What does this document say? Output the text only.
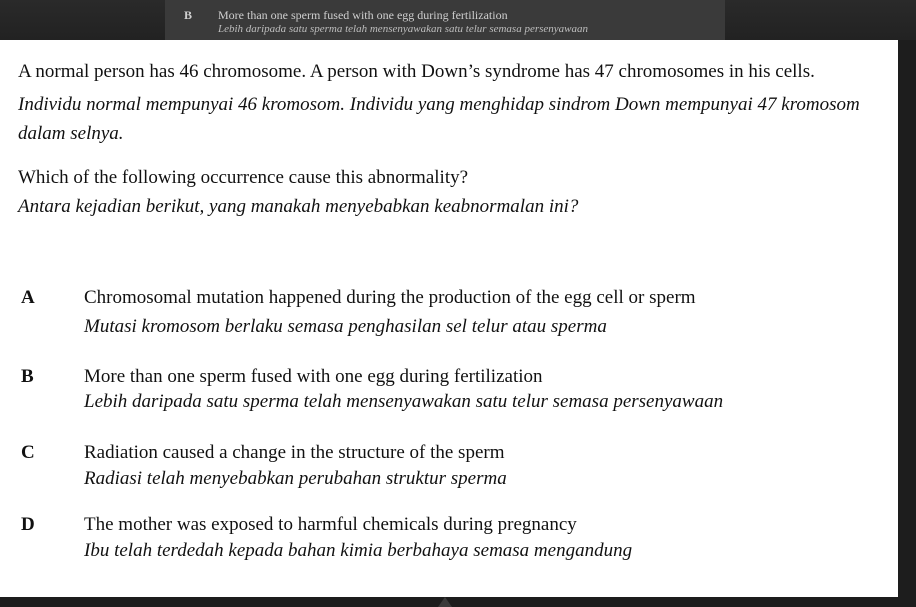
B More than one sperm fused with one egg during fertilization
Lebih daripada satu sperma telah mensenyawakan satu telur semasa persenyawaan

A normal person has 46 chromosome. A person with Down’s syndrome has 47 chromosomes in his cells.

Individu normal mempunyai 46 kromosom. Individu yang menghidap sindrom Down mempunyai 47 kromosom dalam selnya.

Which of the following occurrence cause this abnormality?

Antara kejadian berikut, yang manakah menyebabkan keabnormalan ini?

A	Chromosomal mutation happened during the production of the egg cell or sperm
Mutasi kromosom berlaku semasa penghasilan sel telur atau sperma
B	More than one sperm fused with one egg during fertilization
Lebih daripada satu sperma telah mensenyawakan satu telur semasa persenyawaan
C	Radiation caused a change in the structure of the sperm
Radiasi telah menyebabkan perubahan struktur sperma
D	The mother was exposed to harmful chemicals during pregnancy
Ibu telah terdedah kepada bahan kimia berbahaya semasa mengandung
